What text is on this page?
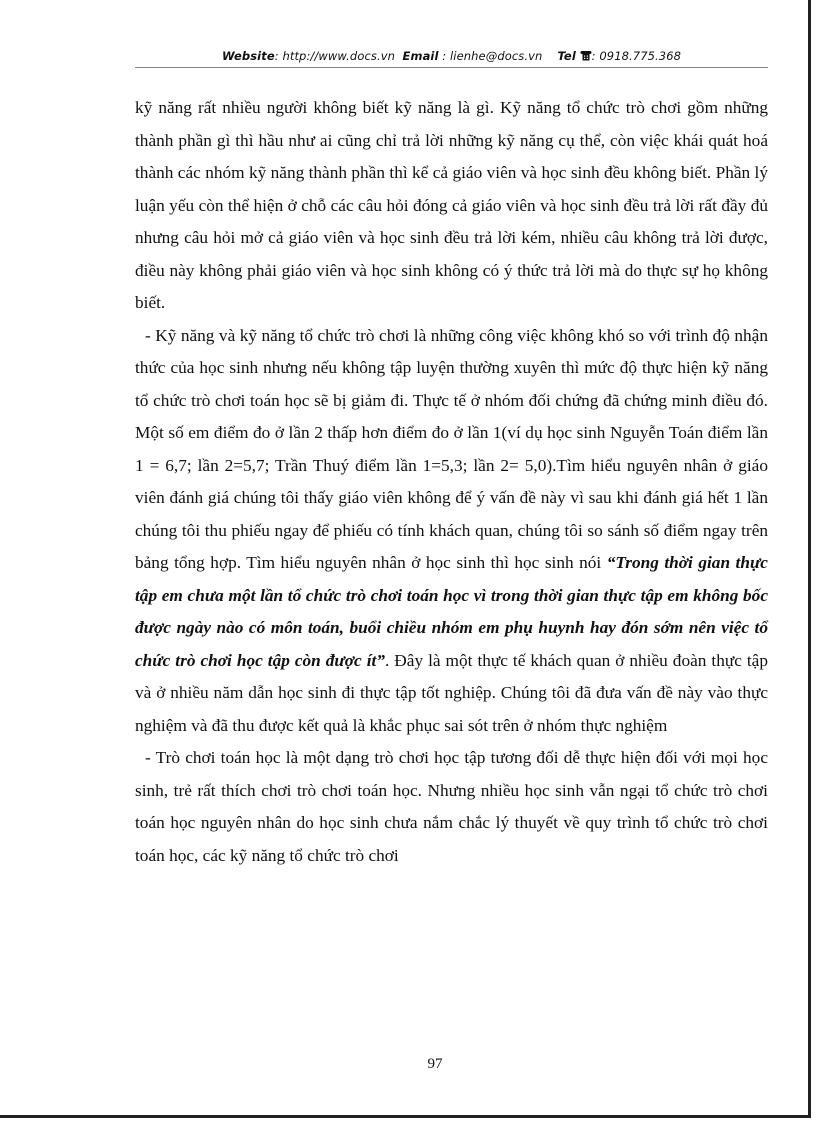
Website: http://www.docs.vn Email : lienhe@docs.vn Tel : 0918.775.368

kỹ năng rất nhiều người không biết kỹ năng là gì. Kỹ năng tổ chức trò chơi gồm những thành phần gì thì hầu như ai cũng chỉ trả lời những kỹ năng cụ thể, còn việc khái quát hoá thành các nhóm kỹ năng thành phần thì kể cả giáo viên và học sinh đều không biết. Phần lý luận yếu còn thể hiện ở chỗ các câu hỏi đóng cả giáo viên và học sinh đều trả lời rất đầy đủ nhưng câu hỏi mở cả giáo viên và học sinh đều trả lời kém, nhiều câu không trả lời được, điều này không phải giáo viên và học sinh không có ý thức trả lời mà do thực sự họ không biết.

- Kỹ năng và kỹ năng tổ chức trò chơi là những công việc không khó so với trình độ nhận thức của học sinh nhưng nếu không tập luyện thường xuyên thì mức độ thực hiện kỹ năng tổ chức trò chơi toán học sẽ bị giảm đi. Thực tế ở nhóm đối chứng đã chứng minh điều đó. Một số em điểm đo ở lần 2 thấp hơn điểm đo ở lần 1(ví dụ học sinh Nguyễn Toán điểm lần 1 = 6,7; lần 2=5,7; Trần Thuý điểm lần 1=5,3; lần 2= 5,0).Tìm hiểu nguyên nhân ở giáo viên đánh giá chúng tôi thấy giáo viên không để ý vấn đề này vì sau khi đánh giá hết 1 lần chúng tôi thu phiếu ngay để phiếu có tính khách quan, chúng tôi so sánh số điểm ngay trên bảng tổng hợp. Tìm hiểu nguyên nhân ở học sinh thì học sinh nói “Trong thời gian thực tập em chưa một lần tổ chức trò chơi toán học vì trong thời gian thực tập em không bốc được ngày nào có môn toán, buổi chiều nhóm em phụ huynh hay đón sớm nên việc tổ chức trò chơi học tập còn được ít”. Đây là một thực tế khách quan ở nhiều đoàn thực tập và ở nhiều năm dẫn học sinh đi thực tập tốt nghiệp. Chúng tôi đã đưa vấn đề này vào thực nghiệm và đã thu được kết quả là khắc phục sai sót trên ở nhóm thực nghiệm

- Trò chơi toán học là một dạng trò chơi học tập tương đối dễ thực hiện đối với mọi học sinh, trẻ rất thích chơi trò chơi toán học. Nhưng nhiều học sinh vẫn ngại tổ chức trò chơi toán học nguyên nhân do học sinh chưa nắm chắc lý thuyết về quy trình tổ chức trò chơi toán học, các kỹ năng tổ chức trò chơi

97
